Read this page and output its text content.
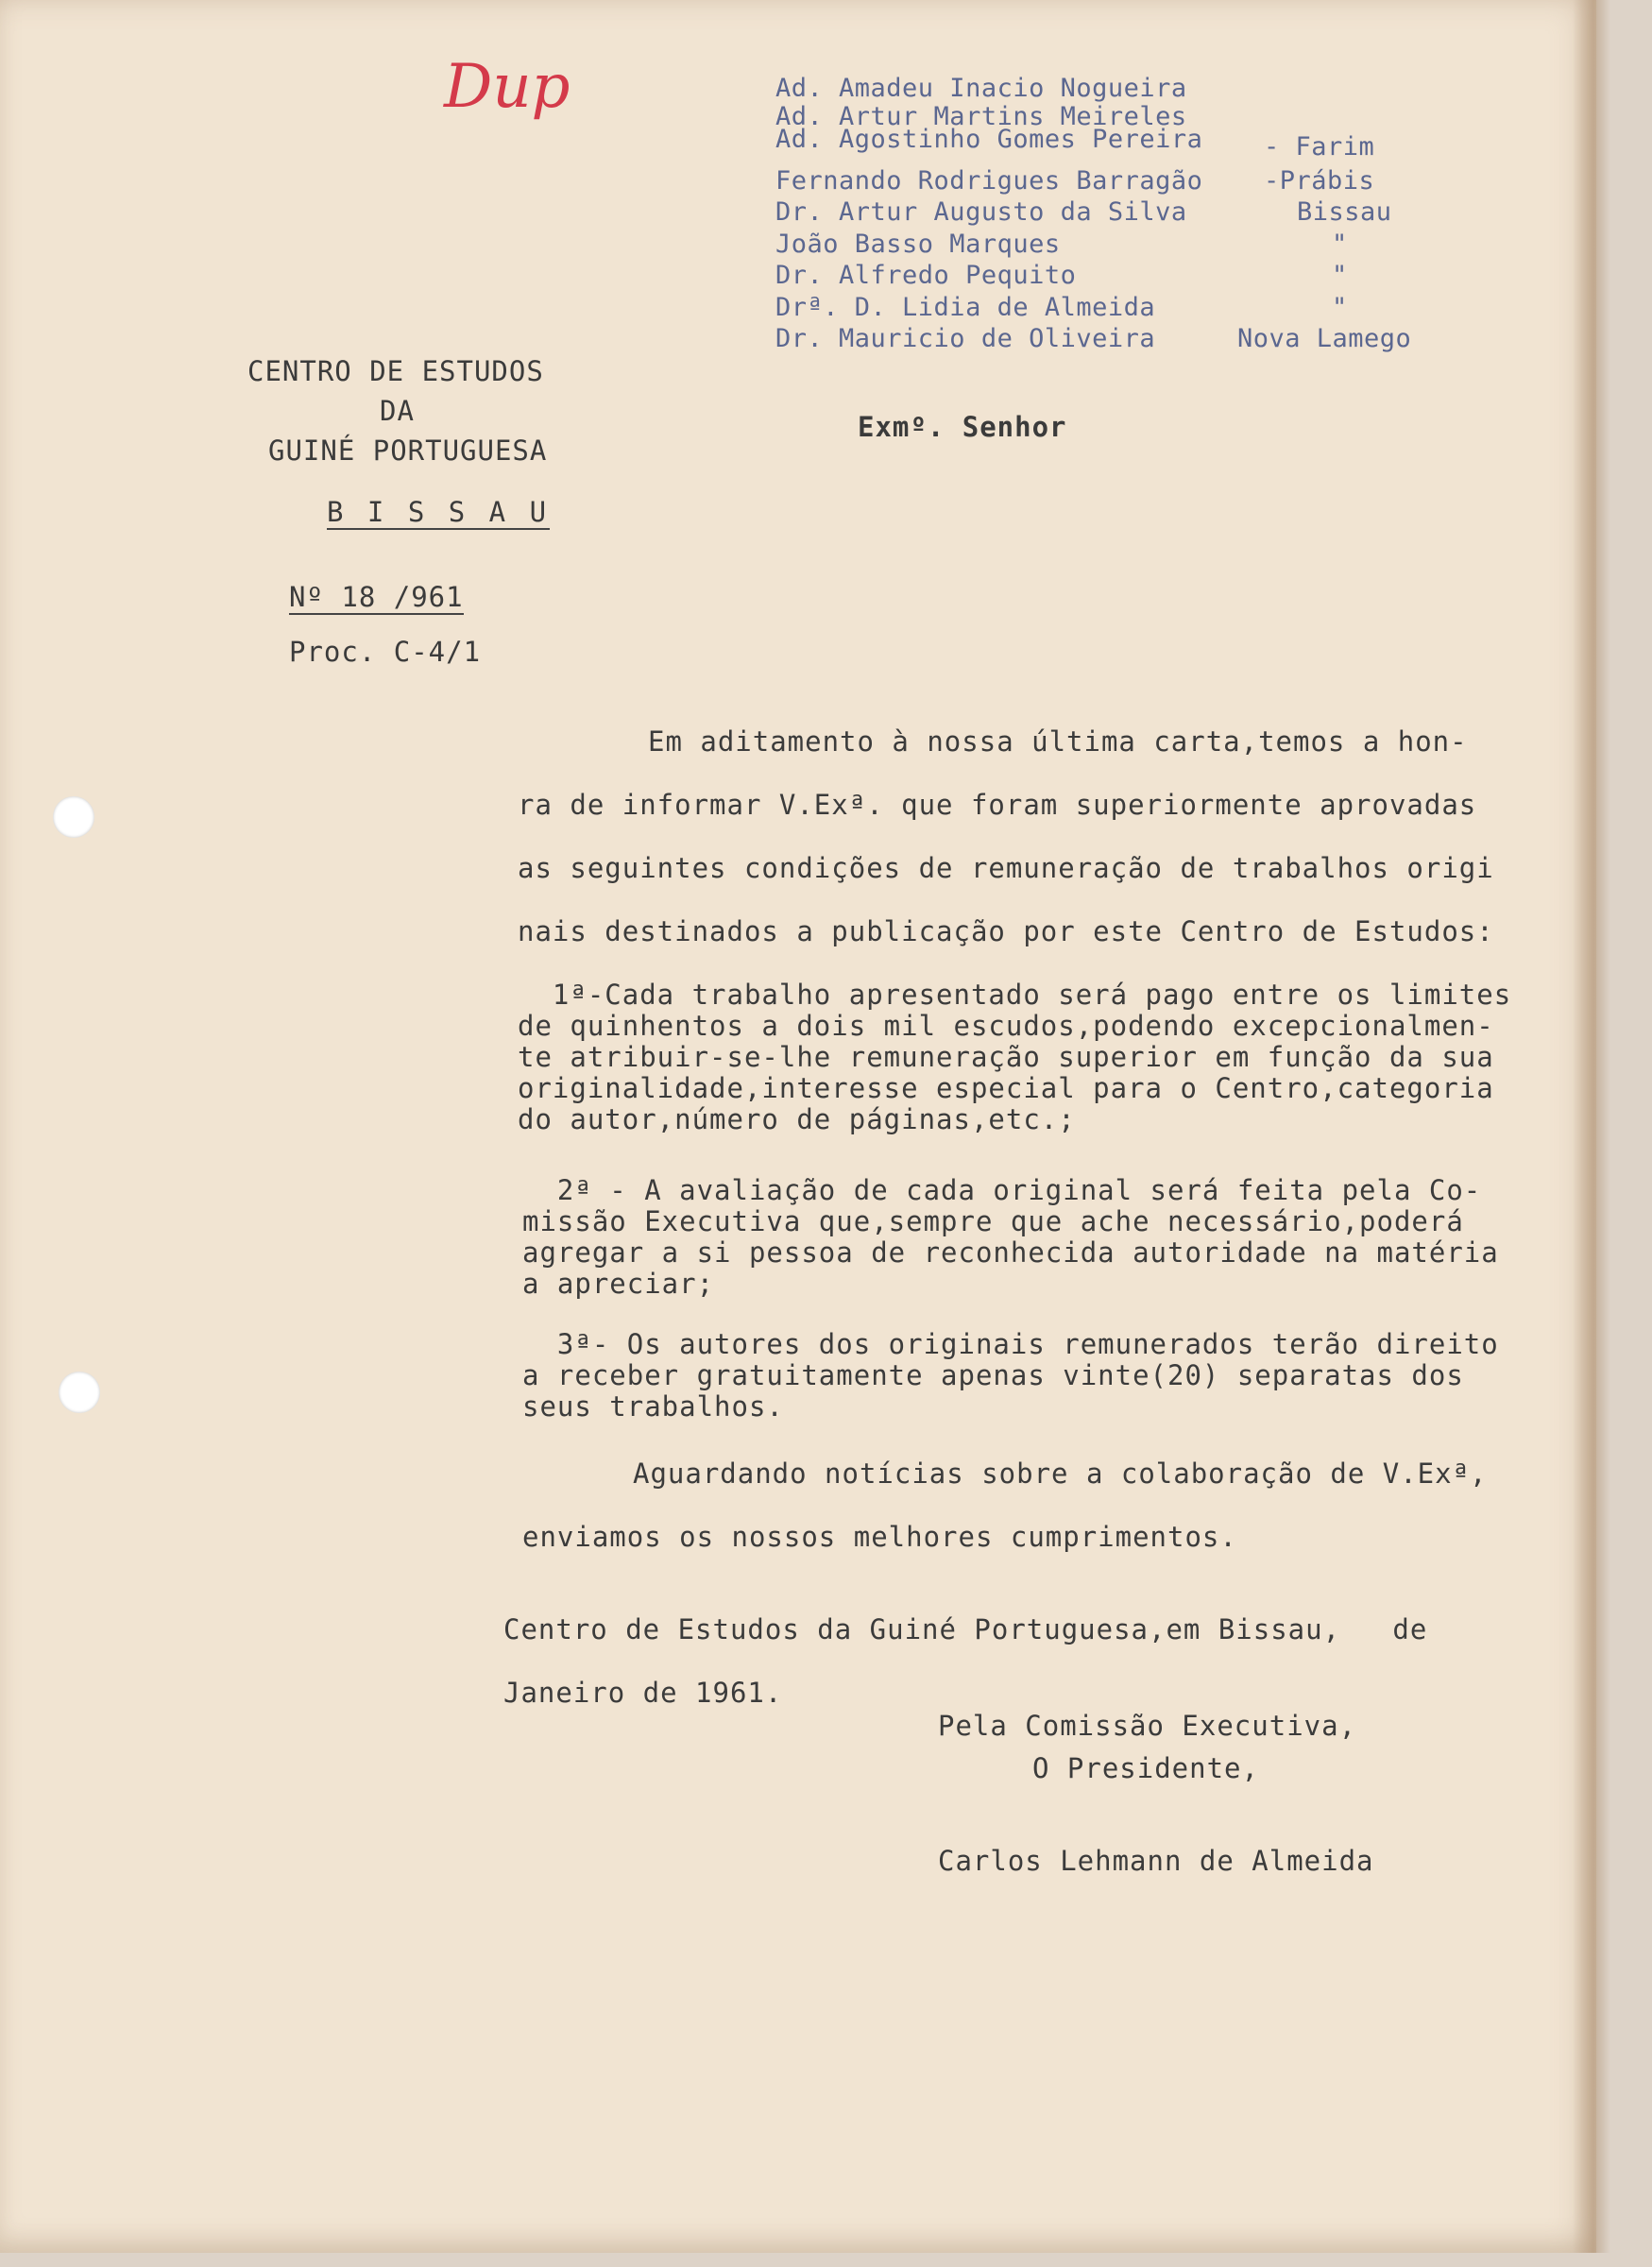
Dup	Ad. Amadeu Inacio Nogueira
Ad. Artur Martins Meireles
Ad. Agostinho Gomes Pereira - Farim
Fernando Rodrigues Barragão -Prábis
Dr. Artur Augusto da Silva	Bissau
João Basso Marques	"
Dr. Alfredo Pequito	"
Drª. D. Lidia de Almeida	"
Dr. Mauricio de Oliveira	Nova Lamego
CENTRO DE ESTUDOS
DA
GUINÉ PORTUGUESA
B I S S A U
Nº 18 /961
Proc. C-4/1
Exmº. Senhor
Em aditamento à nossa última carta,temos a hon-
ra de informar V.Exª. que foram superiormente aprovadas
as seguintes condições de remuneração de trabalhos origi
nais destinados a publicação por este Centro de Estudos:
1ª-Cada trabalho apresentado será pago entre os limites
de quinhentos a dois mil escudos,podendo excepcionalmen-
te atribuir-se-lhe remuneração superior em função da sua
originalidade,interesse especial para o Centro,categoria
do autor,número de páginas,etc.;
2ª - A avaliação de cada original será feita pela Co-
missão Executiva que,sempre que ache necessário,poderá
agregar a si pessoa de reconhecida autoridade na matéria
a apreciar;
3ª- Os autores dos originais remunerados terão direito
a receber gratuitamente apenas vinte(20) separatas dos
seus trabalhos.
Aguardando notícias sobre a colaboração de V.Exª,
enviamos os nossos melhores cumprimentos.
Centro de Estudos da Guiné Portuguesa,em Bissau,   de
Janeiro de 1961.
Pela Comissão Executiva,
O Presidente,
Carlos Lehmann de Almeida
